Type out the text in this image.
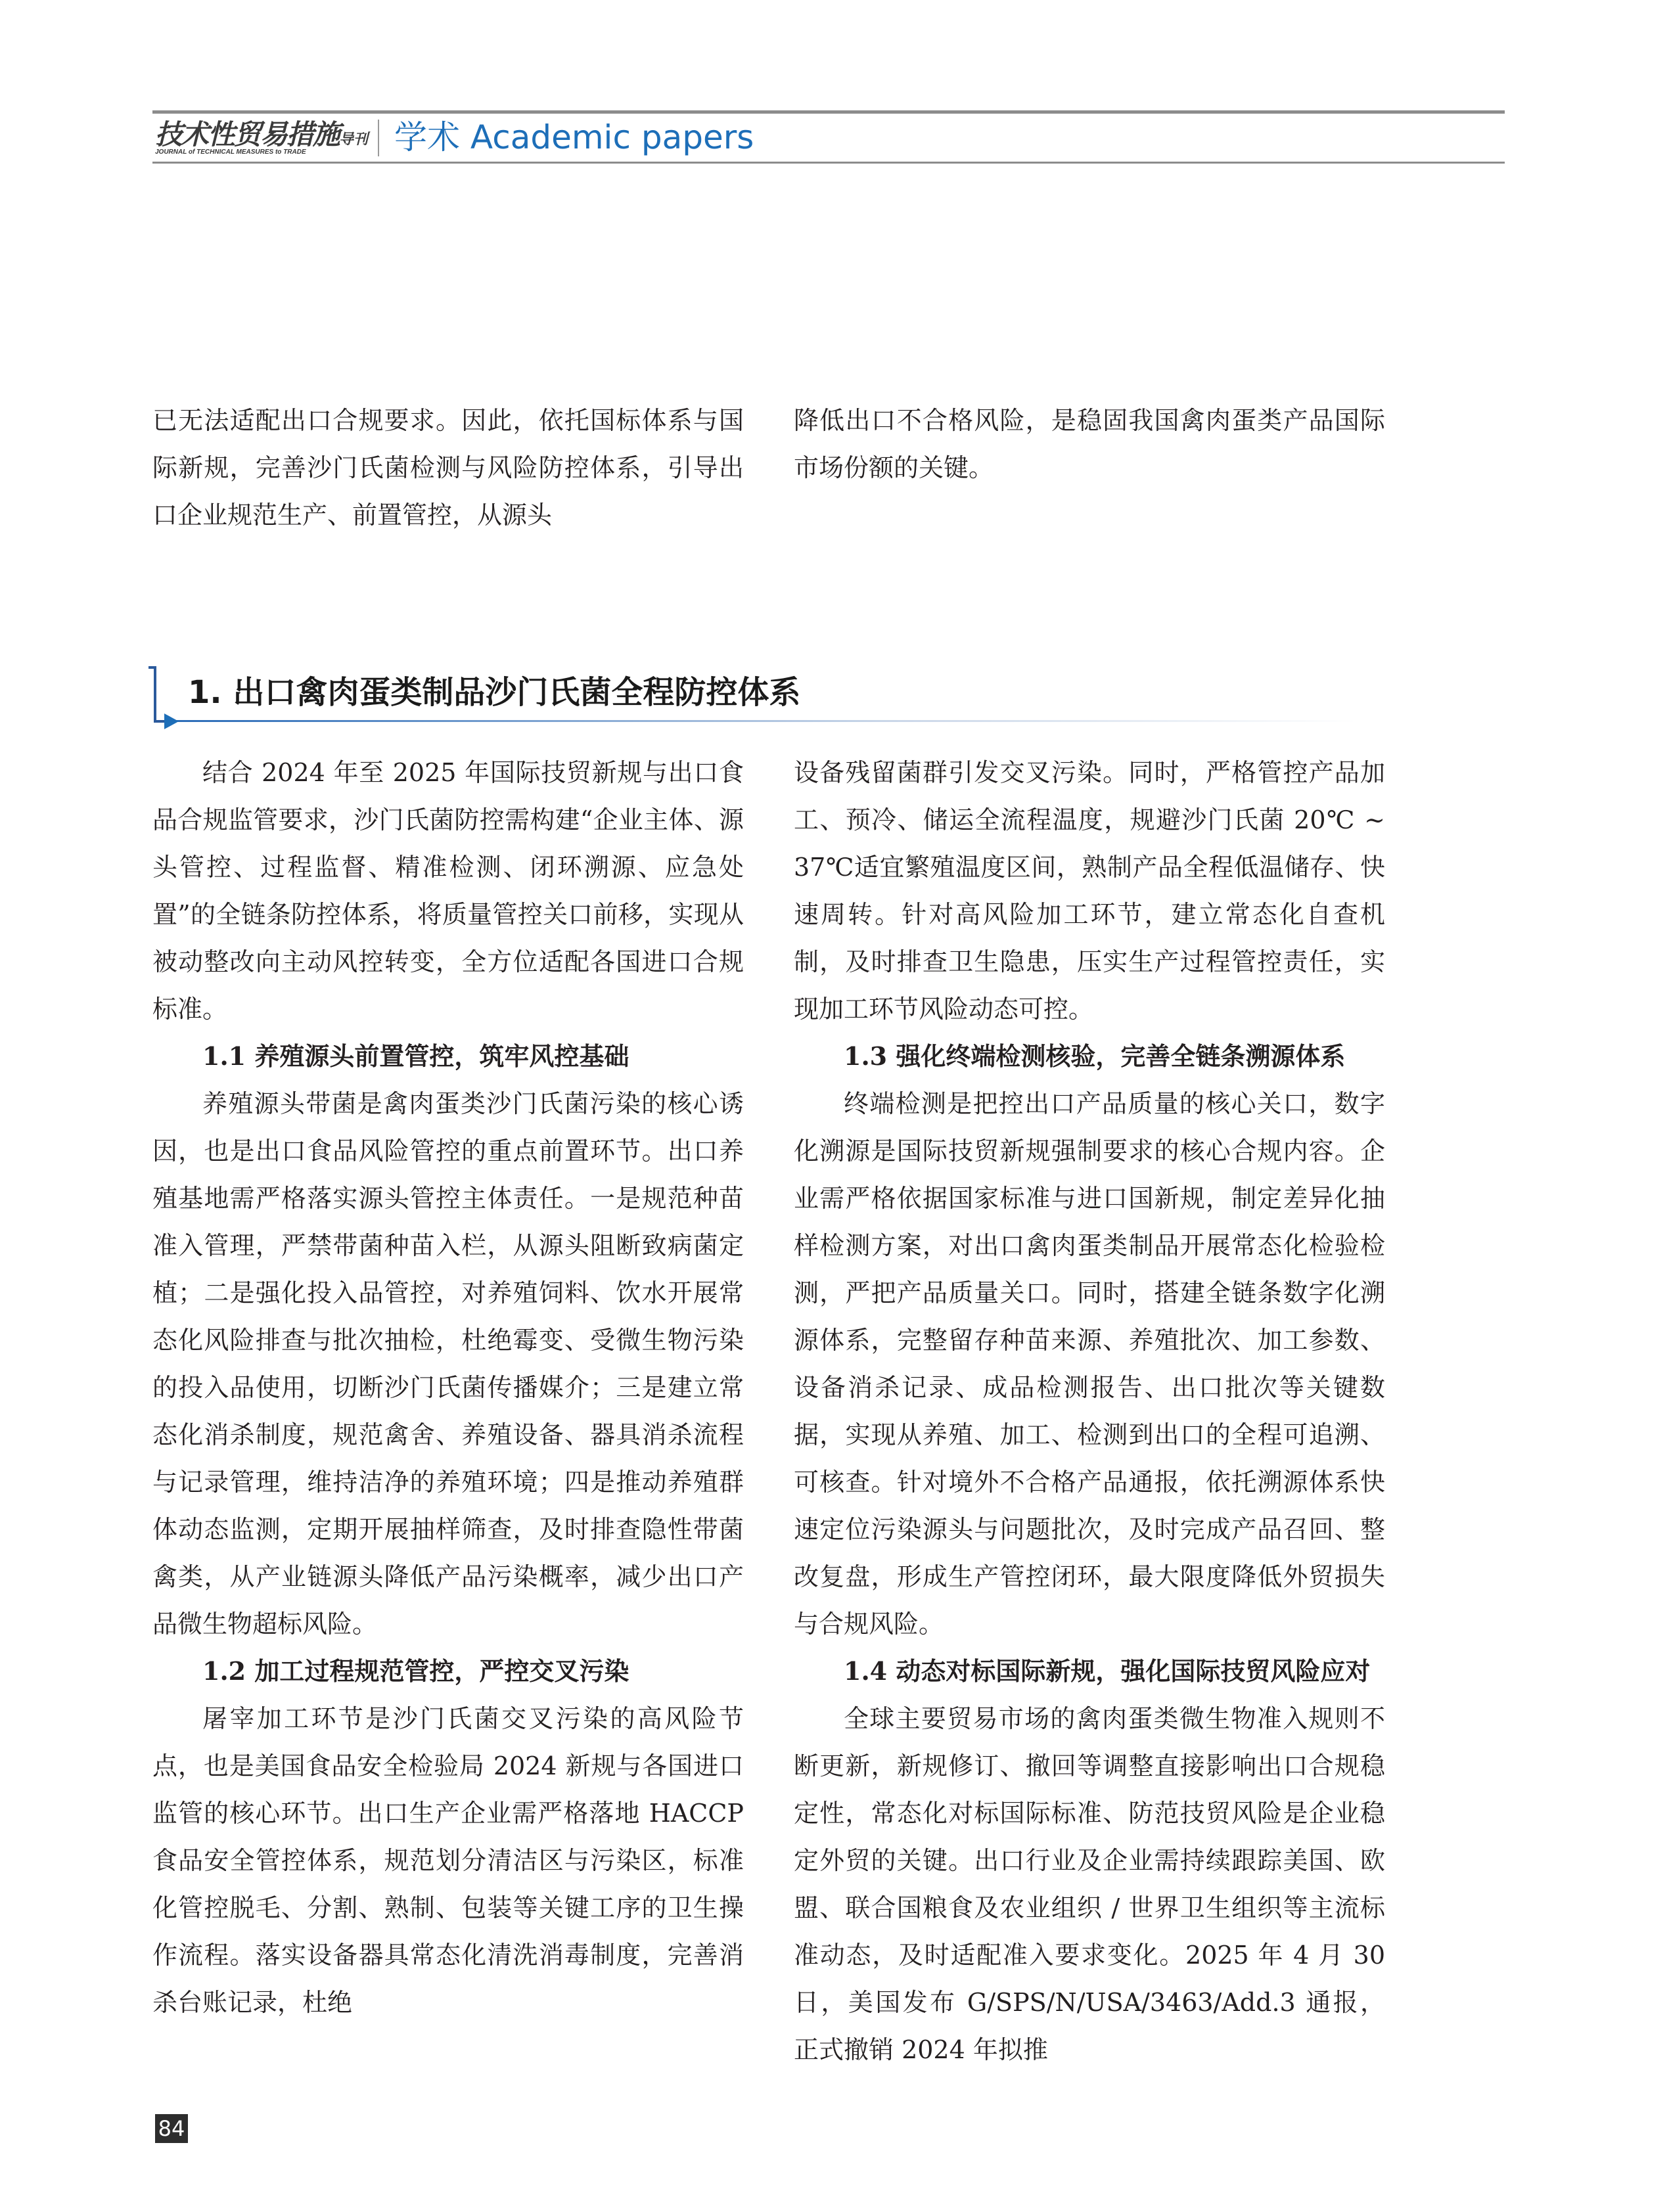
技术性贸易措施导刊
JOURNAL of TECHNICAL MEASURES to TRADE	学术 Academic papers

已无法适配出口合规要求。因此，依托国标体系与国际新规，完善沙门氏菌检测与风险防控体系，引导出口企业规范生产、前置管控，从源头

降低出口不合格风险，是稳固我国禽肉蛋类产品国际市场份额的关键。

1. 出口禽肉蛋类制品沙门氏菌全程防控体系

结合 2024 年至 2025 年国际技贸新规与出口食品合规监管要求，沙门氏菌防控需构建“企业主体、源头管控、过程监督、精准检测、闭环溯源、应急处置”的全链条防控体系，将质量管控关口前移，实现从被动整改向主动风控转变，全方位适配各国进口合规标准。

1.1 养殖源头前置管控，筑牢风控基础

养殖源头带菌是禽肉蛋类沙门氏菌污染的核心诱因，也是出口食品风险管控的重点前置环节。出口养殖基地需严格落实源头管控主体责任。一是规范种苗准入管理，严禁带菌种苗入栏，从源头阻断致病菌定植；二是强化投入品管控，对养殖饲料、饮水开展常态化风险排查与批次抽检，杜绝霉变、受微生物污染的投入品使用，切断沙门氏菌传播媒介；三是建立常态化消杀制度，规范禽舍、养殖设备、器具消杀流程与记录管理，维持洁净的养殖环境；四是推动养殖群体动态监测，定期开展抽样筛查，及时排查隐性带菌禽类，从产业链源头降低产品污染概率，减少出口产品微生物超标风险。

1.2 加工过程规范管控，严控交叉污染

屠宰加工环节是沙门氏菌交叉污染的高风险节点，也是美国食品安全检验局 2024 新规与各国进口监管的核心环节。出口生产企业需严格落地 HACCP 食品安全管控体系，规范划分清洁区与污染区，标准化管控脱毛、分割、熟制、包装等关键工序的卫生操作流程。落实设备器具常态化清洗消毒制度，完善消杀台账记录，杜绝

设备残留菌群引发交叉污染。同时，严格管控产品加工、预冷、储运全流程温度，规避沙门氏菌 20℃ ~ 37℃适宜繁殖温度区间，熟制产品全程低温储存、快速周转。针对高风险加工环节，建立常态化自查机制，及时排查卫生隐患，压实生产过程管控责任，实现加工环节风险动态可控。

1.3 强化终端检测核验，完善全链条溯源体系

终端检测是把控出口产品质量的核心关口，数字化溯源是国际技贸新规强制要求的核心合规内容。企业需严格依据国家标准与进口国新规，制定差异化抽样检测方案，对出口禽肉蛋类制品开展常态化检验检测，严把产品质量关口。同时，搭建全链条数字化溯源体系，完整留存种苗来源、养殖批次、加工参数、设备消杀记录、成品检测报告、出口批次等关键数据，实现从养殖、加工、检测到出口的全程可追溯、可核查。针对境外不合格产品通报，依托溯源体系快速定位污染源头与问题批次，及时完成产品召回、整改复盘，形成生产管控闭环，最大限度降低外贸损失与合规风险。

1.4 动态对标国际新规，强化国际技贸风险应对

全球主要贸易市场的禽肉蛋类微生物准入规则不断更新，新规修订、撤回等调整直接影响出口合规稳定性，常态化对标国际标准、防范技贸风险是企业稳定外贸的关键。出口行业及企业需持续跟踪美国、欧盟、联合国粮食及农业组织 / 世界卫生组织等主流标准动态，及时适配准入要求变化。2025 年 4 月 30 日，美国发布 G/SPS/N/USA/3463/Add.3 通报，正式撤销 2024 年拟推

84
